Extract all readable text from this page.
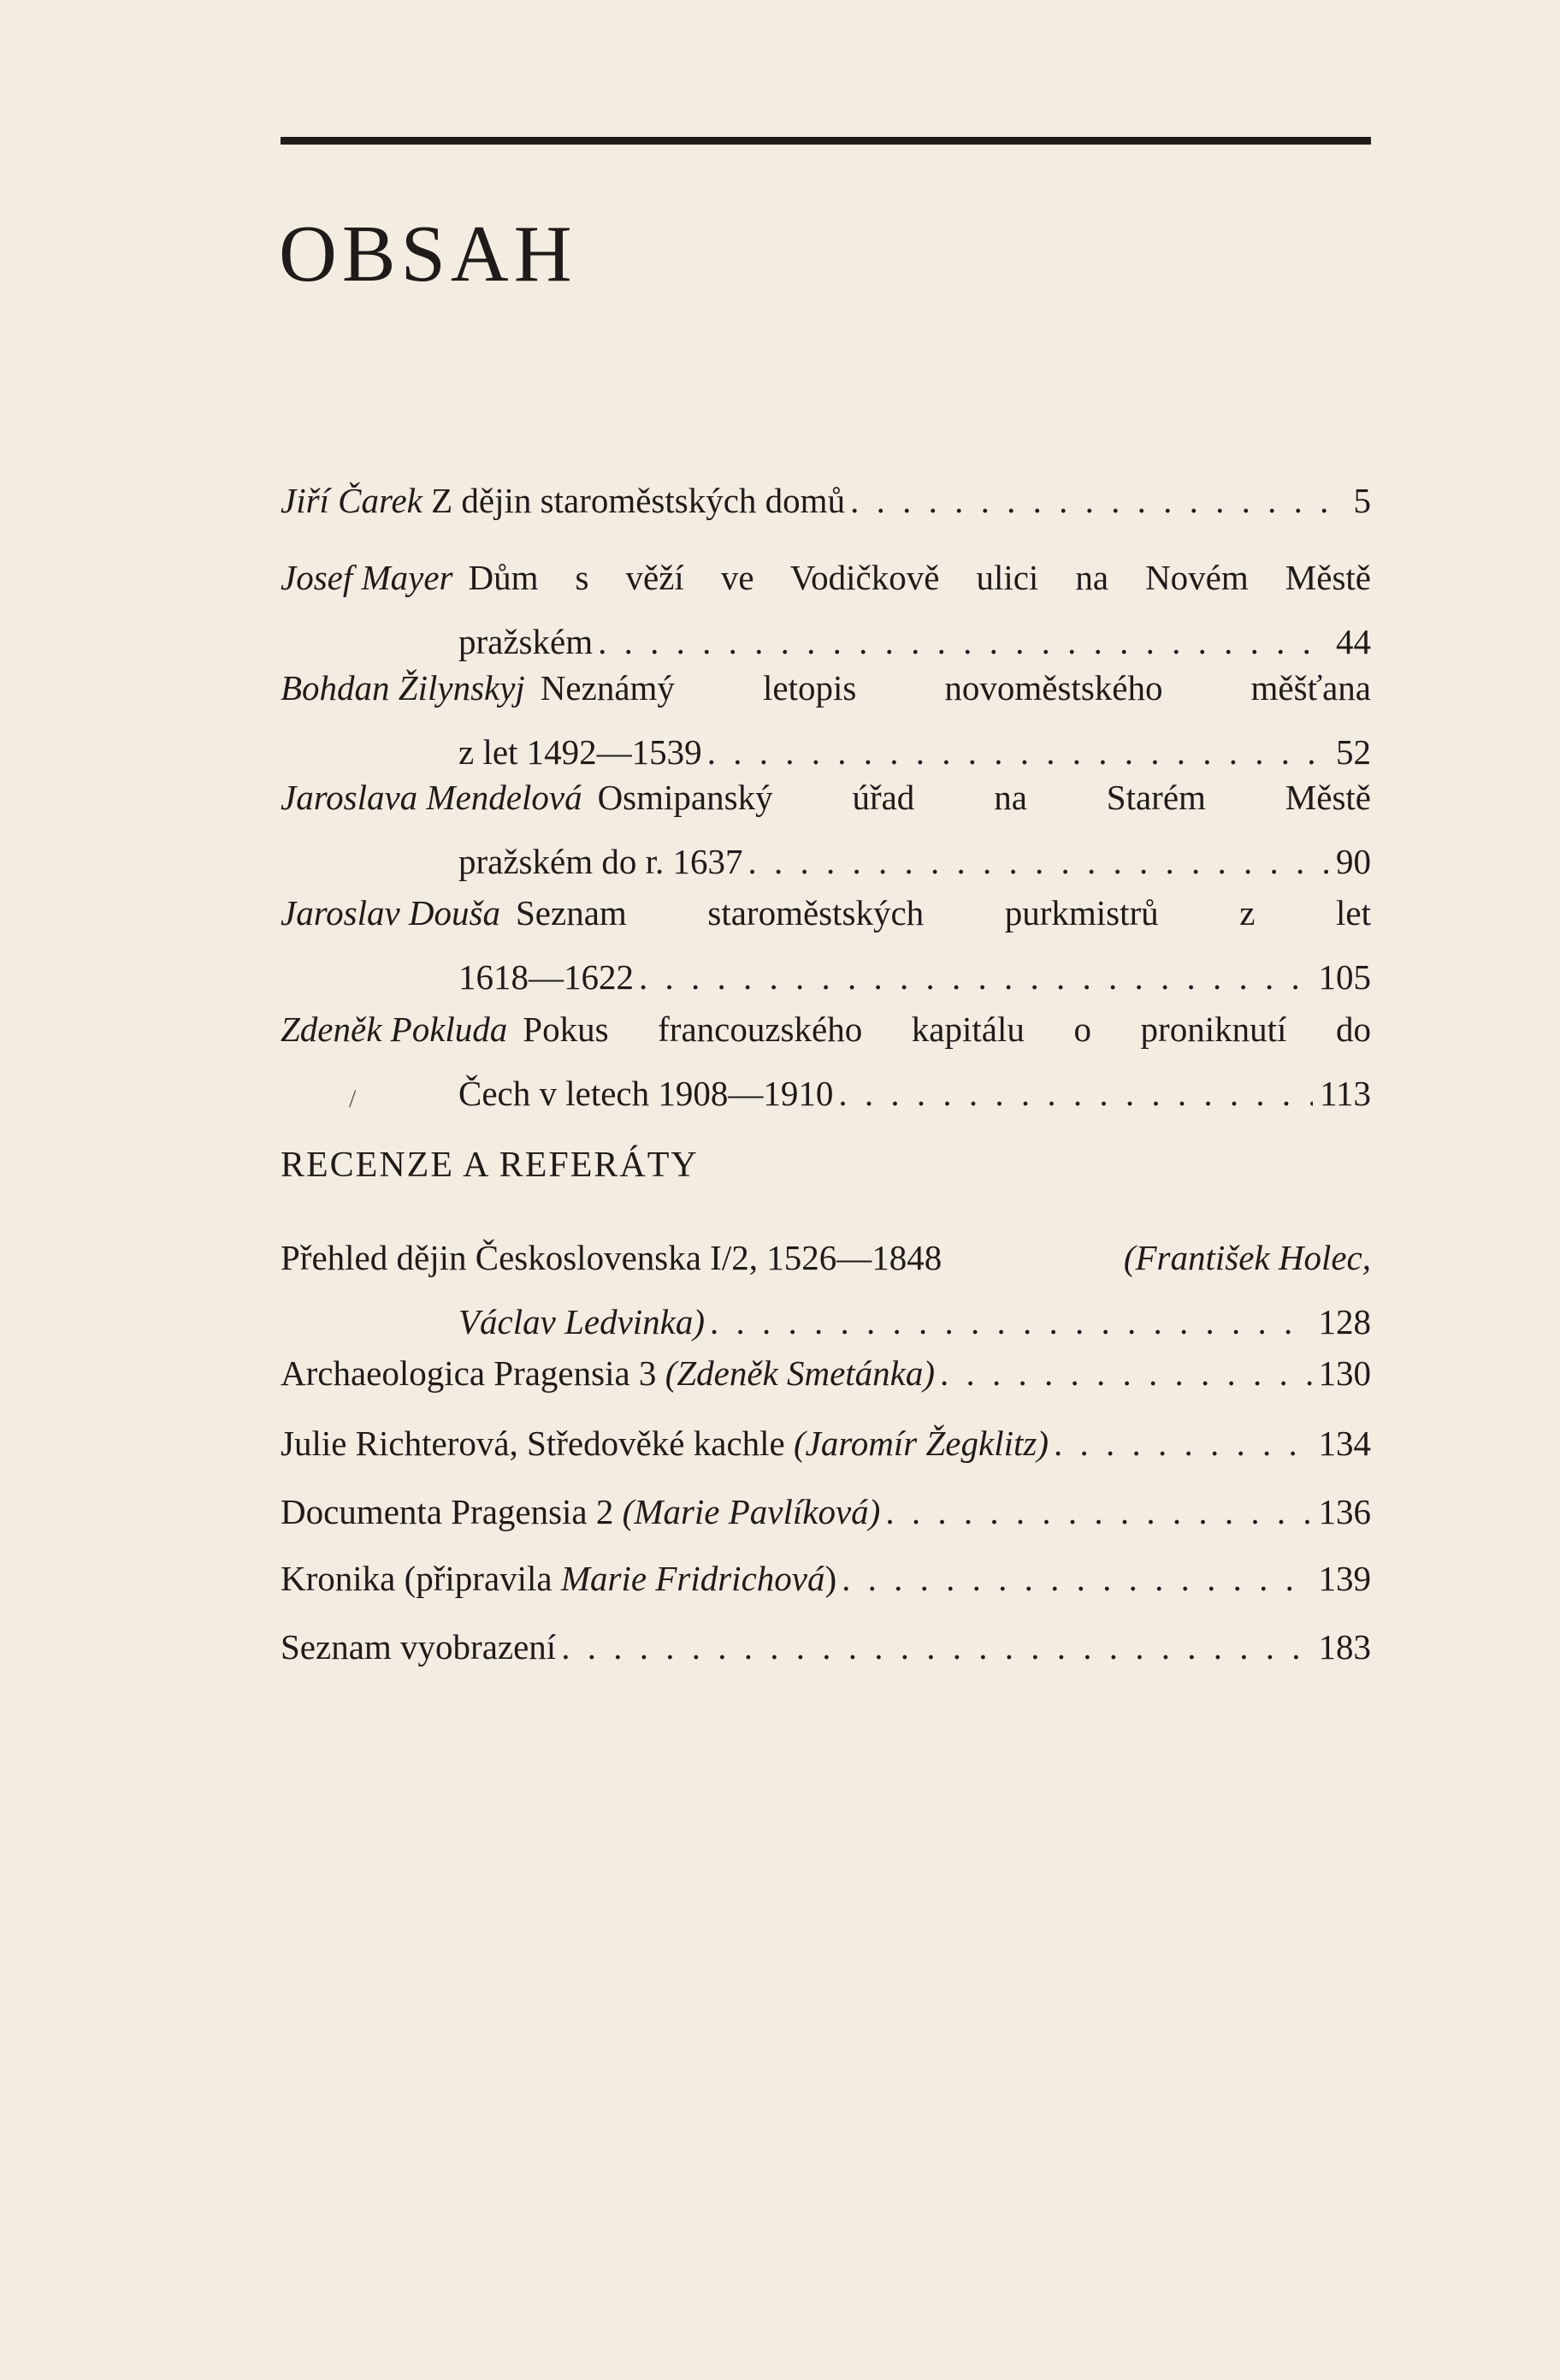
OBSAH
Jiří Čarek Z dějin staroměstských domů . . .	5
Josef Mayer Dům s věží ve Vodičkově ulici na Novém Městě
pražském . . .	44
Bohdan Žilynskyj Neznámý letopis novoměstského měšťana
z let 1492—1539 . . .	52
Jaroslava Mendelová Osmipanský úřad na Starém Městě
pražském do r. 1637 . . .	90
Jaroslav Douša Seznam staroměstských purkmistrů z let
1618—1622 . . .	105
Zdeněk Pokluda Pokus francouzského kapitálu o proniknutí do
/	Čech v letech 1908—1910 . . .	113
RECENZE A REFERÁTY
Přehled dějin Československa I/2, 1526—1848	(František Holec,
Václav Ledvinka) . . .	128
Archaeologica Pragensia 3 (Zdeněk Smetánka) . . .	130
Julie Richterová, Středověké kachle (Jaromír Žegklitz) . . .	134
Documenta Pragensia 2 (Marie Pavlíková) . . .	136
Kronika (připravila Marie Fridrichová) . . .	139
Seznam vyobrazení . . .	183
